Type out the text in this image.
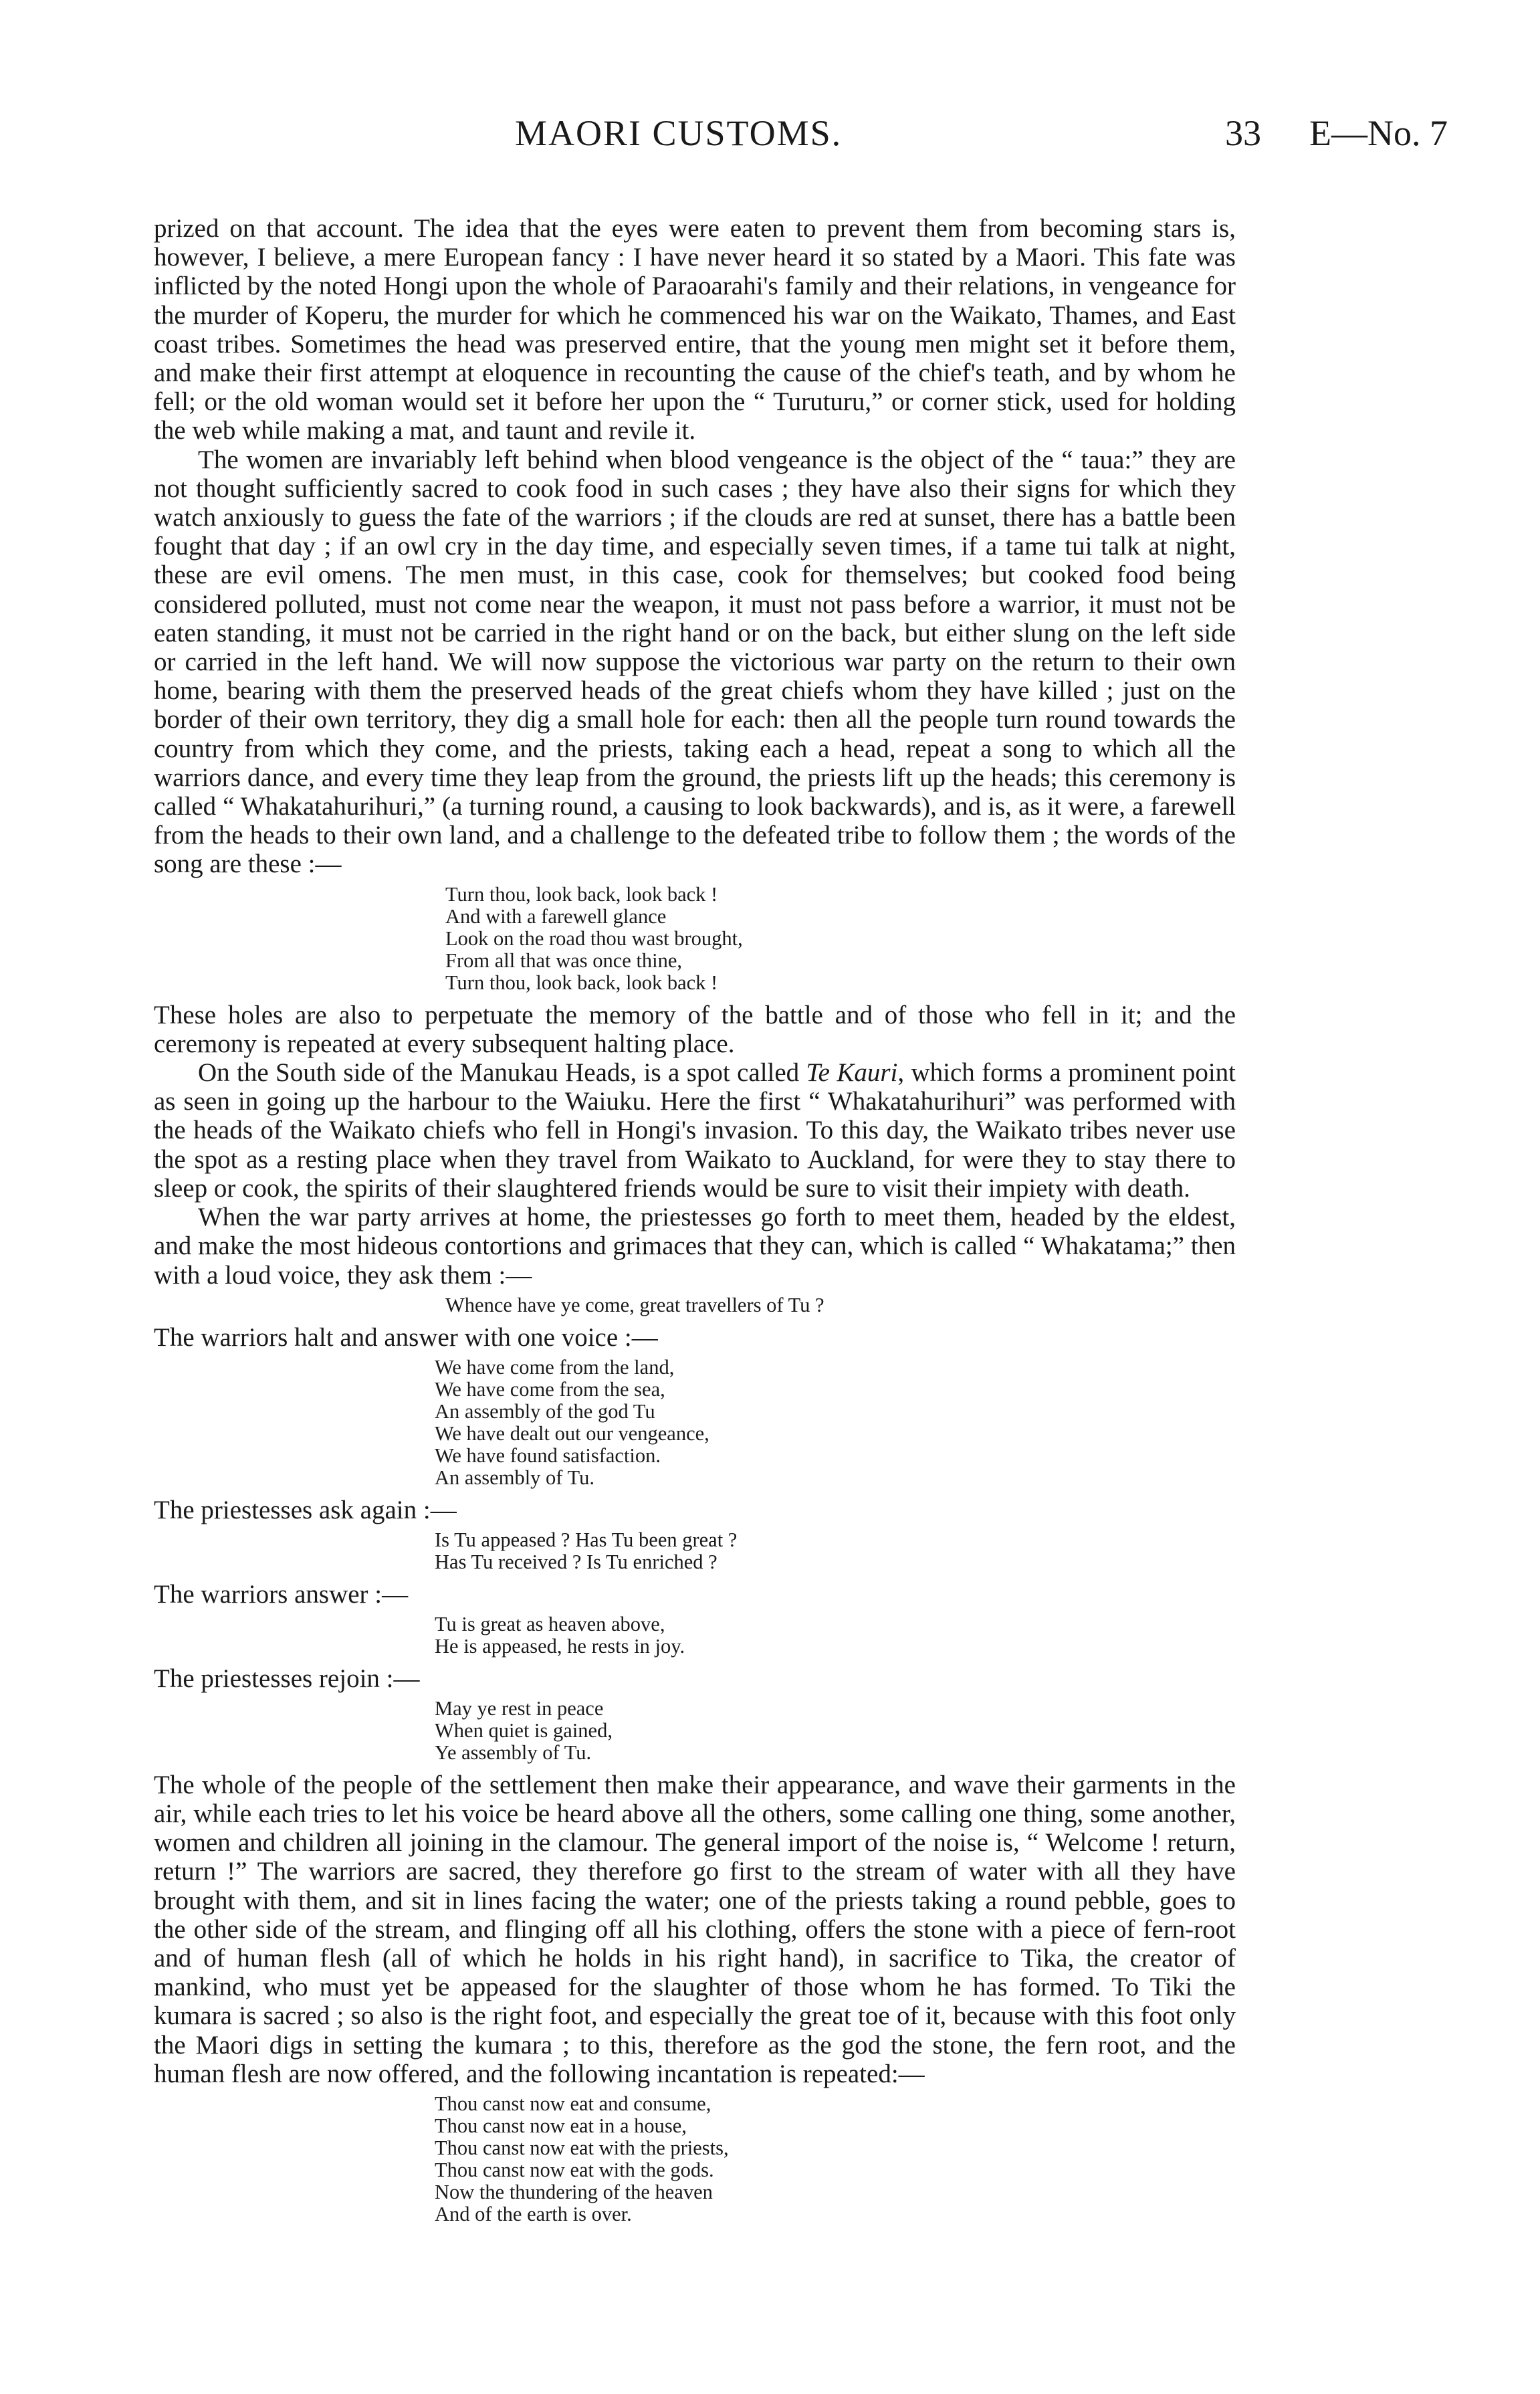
MAORI CUSTOMS.	33 E—No. 7

prized on that account. The idea that the eyes were eaten to prevent them from becoming stars is, however, I believe, a mere European fancy : I have never heard it so stated by a Maori. This fate was inflicted by the noted Hongi upon the whole of Paraoarahi's family and their relations, in vengeance for the murder of Koperu, the murder for which he commenced his war on the Waikato, Thames, and East coast tribes. Sometimes the head was preserved entire, that the young men might set it before them, and make their first attempt at eloquence in recounting the cause of the chief's teath, and by whom he fell; or the old woman would set it before her upon the “ Turuturu,” or corner stick, used for holding the web while making a mat, and taunt and revile it.

The women are invariably left behind when blood vengeance is the object of the “ taua:” they are not thought sufficiently sacred to cook food in such cases ; they have also their signs for which they watch anxiously to guess the fate of the warriors ; if the clouds are red at sunset, there has a battle been fought that day ; if an owl cry in the day time, and especially seven times, if a tame tui talk at night, these are evil omens. The men must, in this case, cook for themselves; but cooked food being considered polluted, must not come near the weapon, it must not pass before a warrior, it must not be eaten standing, it must not be carried in the right hand or on the back, but either slung on the left side or carried in the left hand. We will now suppose the victorious war party on the return to their own home, bearing with them the preserved heads of the great chiefs whom they have killed ; just on the border of their own territory, they dig a small hole for each: then all the people turn round towards the country from which they come, and the priests, taking each a head, repeat a song to which all the warriors dance, and every time they leap from the ground, the priests lift up the heads; this ceremony is called “ Whakatahurihuri,” (a turning round, a causing to look backwards), and is, as it were, a farewell from the heads to their own land, and a challenge to the defeated tribe to follow them ; the words of the song are these :—

Turn thou, look back, look back !
And with a farewell glance
Look on the road thou wast brought,
From all that was once thine,
Turn thou, look back, look back !

These holes are also to perpetuate the memory of the battle and of those who fell in it; and the ceremony is repeated at every subsequent halting place.

On the South side of the Manukau Heads, is a spot called Te Kauri, which forms a prominent point as seen in going up the harbour to the Waiuku. Here the first “ Whakatahurihuri” was performed with the heads of the Waikato chiefs who fell in Hongi's invasion. To this day, the Waikato tribes never use the spot as a resting place when they travel from Waikato to Auckland, for were they to stay there to sleep or cook, the spirits of their slaughtered friends would be sure to visit their impiety with death.

When the war party arrives at home, the priestesses go forth to meet them, headed by the eldest, and make the most hideous contortions and grimaces that they can, which is called “ Whakatama;” then with a loud voice, they ask them :—

Whence have ye come, great travellers of Tu ?

The warriors halt and answer with one voice :—

We have come from the land,
We have come from the sea,
An assembly of the god Tu
We have dealt out our vengeance,
We have found satisfaction.
An assembly of Tu.

The priestesses ask again :—

Is Tu appeased ? Has Tu been great ?
Has Tu received ? Is Tu enriched ?

The warriors answer :—

Tu is great as heaven above,
He is appeased, he rests in joy.

The priestesses rejoin :—

May ye rest in peace
When quiet is gained,
Ye assembly of Tu.

The whole of the people of the settlement then make their appearance, and wave their garments in the air, while each tries to let his voice be heard above all the others, some calling one thing, some another, women and children all joining in the clamour. The general import of the noise is, “ Welcome ! return, return !” The warriors are sacred, they therefore go first to the stream of water with all they have brought with them, and sit in lines facing the water; one of the priests taking a round pebble, goes to the other side of the stream, and flinging off all his clothing, offers the stone with a piece of fern-root and of human flesh (all of which he holds in his right hand), in sacrifice to Tika, the creator of mankind, who must yet be appeased for the slaughter of those whom he has formed. To Tiki the kumara is sacred ; so also is the right foot, and especially the great toe of it, because with this foot only the Maori digs in setting the kumara ; to this, therefore as the god the stone, the fern root, and the human flesh are now offered, and the following incantation is repeated:—

Thou canst now eat and consume,
Thou canst now eat in a house,
Thou canst now eat with the priests,
Thou canst now eat with the gods.
Now the thundering of the heaven
And of the earth is over.
